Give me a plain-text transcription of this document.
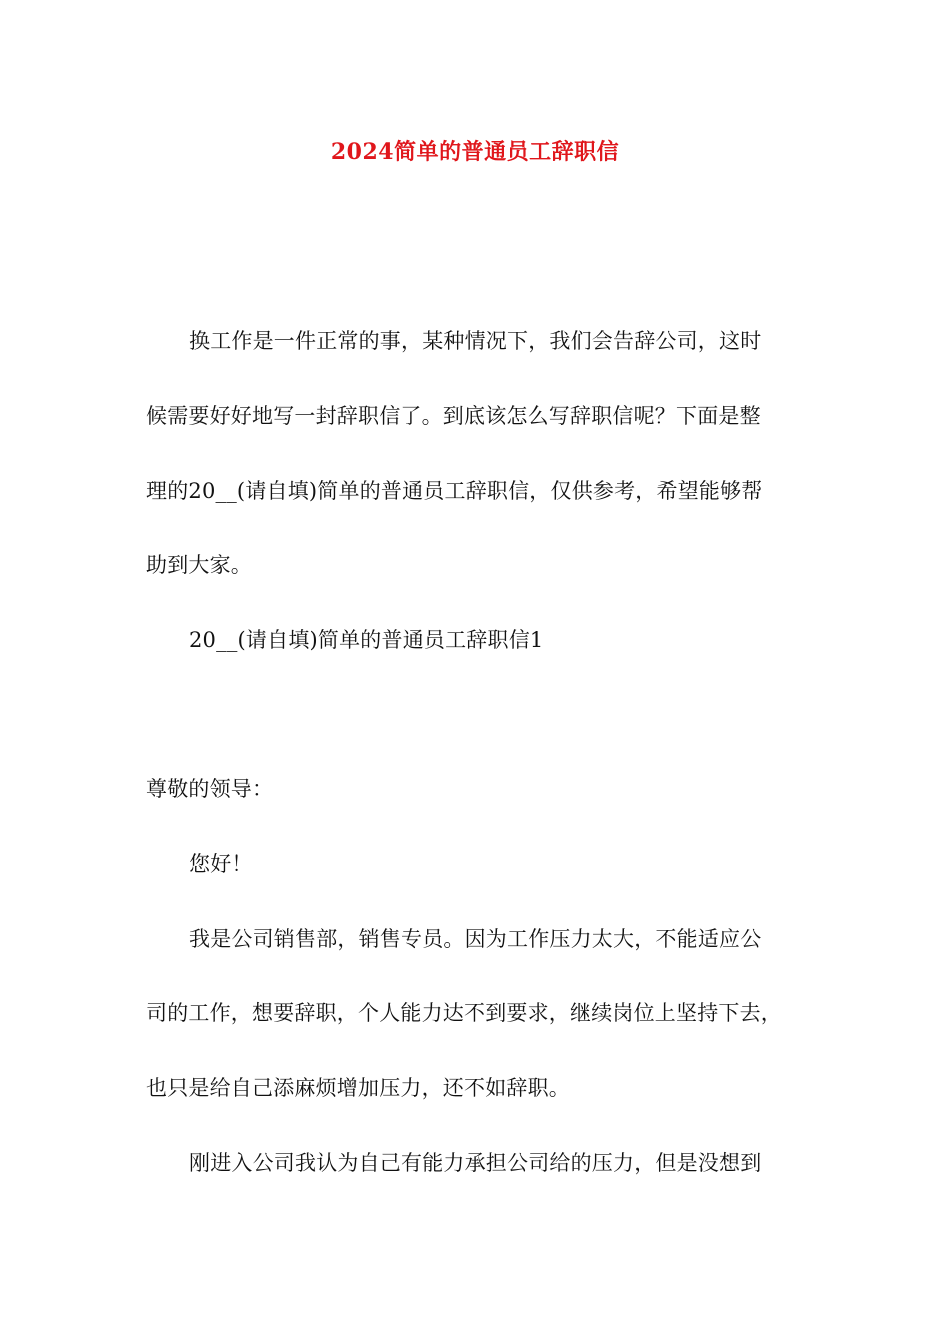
2024简单的普通员工辞职信
换工作是一件正常的事，某种情况下，我们会告辞公司，这时
候需要好好地写一封辞职信了。到底该怎么写辞职信呢？下面是整
理的20__(请自填)简单的普通员工辞职信，仅供参考，希望能够帮
助到大家。
20__(请自填)简单的普通员工辞职信1
尊敬的领导：
您好！
我是公司销售部，销售专员。因为工作压力太大，不能适应公
司的工作，想要辞职，个人能力达不到要求，继续岗位上坚持下去，
也只是给自己添麻烦增加压力，还不如辞职。
刚进入公司我认为自己有能力承担公司给的压力，但是没想到
